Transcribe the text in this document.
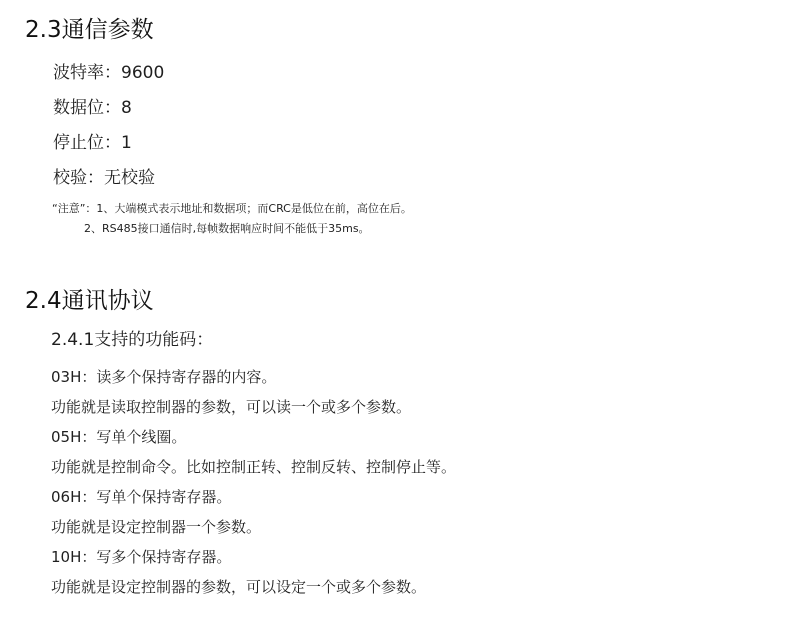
2.3通信参数
波特率：9600
数据位：8
停止位：1
校验：无校验
“注意”：1、大端模式表示地址和数据项；而CRC是低位在前，高位在后。
2、RS485接口通信时,每帧数据响应时间不能低于35ms。
2.4通讯协议
2.4.1支持的功能码：
03H：读多个保持寄存器的内容。
功能就是读取控制器的参数，可以读一个或多个参数。
05H：写单个线圈。
功能就是控制命令。比如控制正转、控制反转、控制停止等。
06H：写单个保持寄存器。
功能就是设定控制器一个参数。
10H：写多个保持寄存器。
功能就是设定控制器的参数，可以设定一个或多个参数。
